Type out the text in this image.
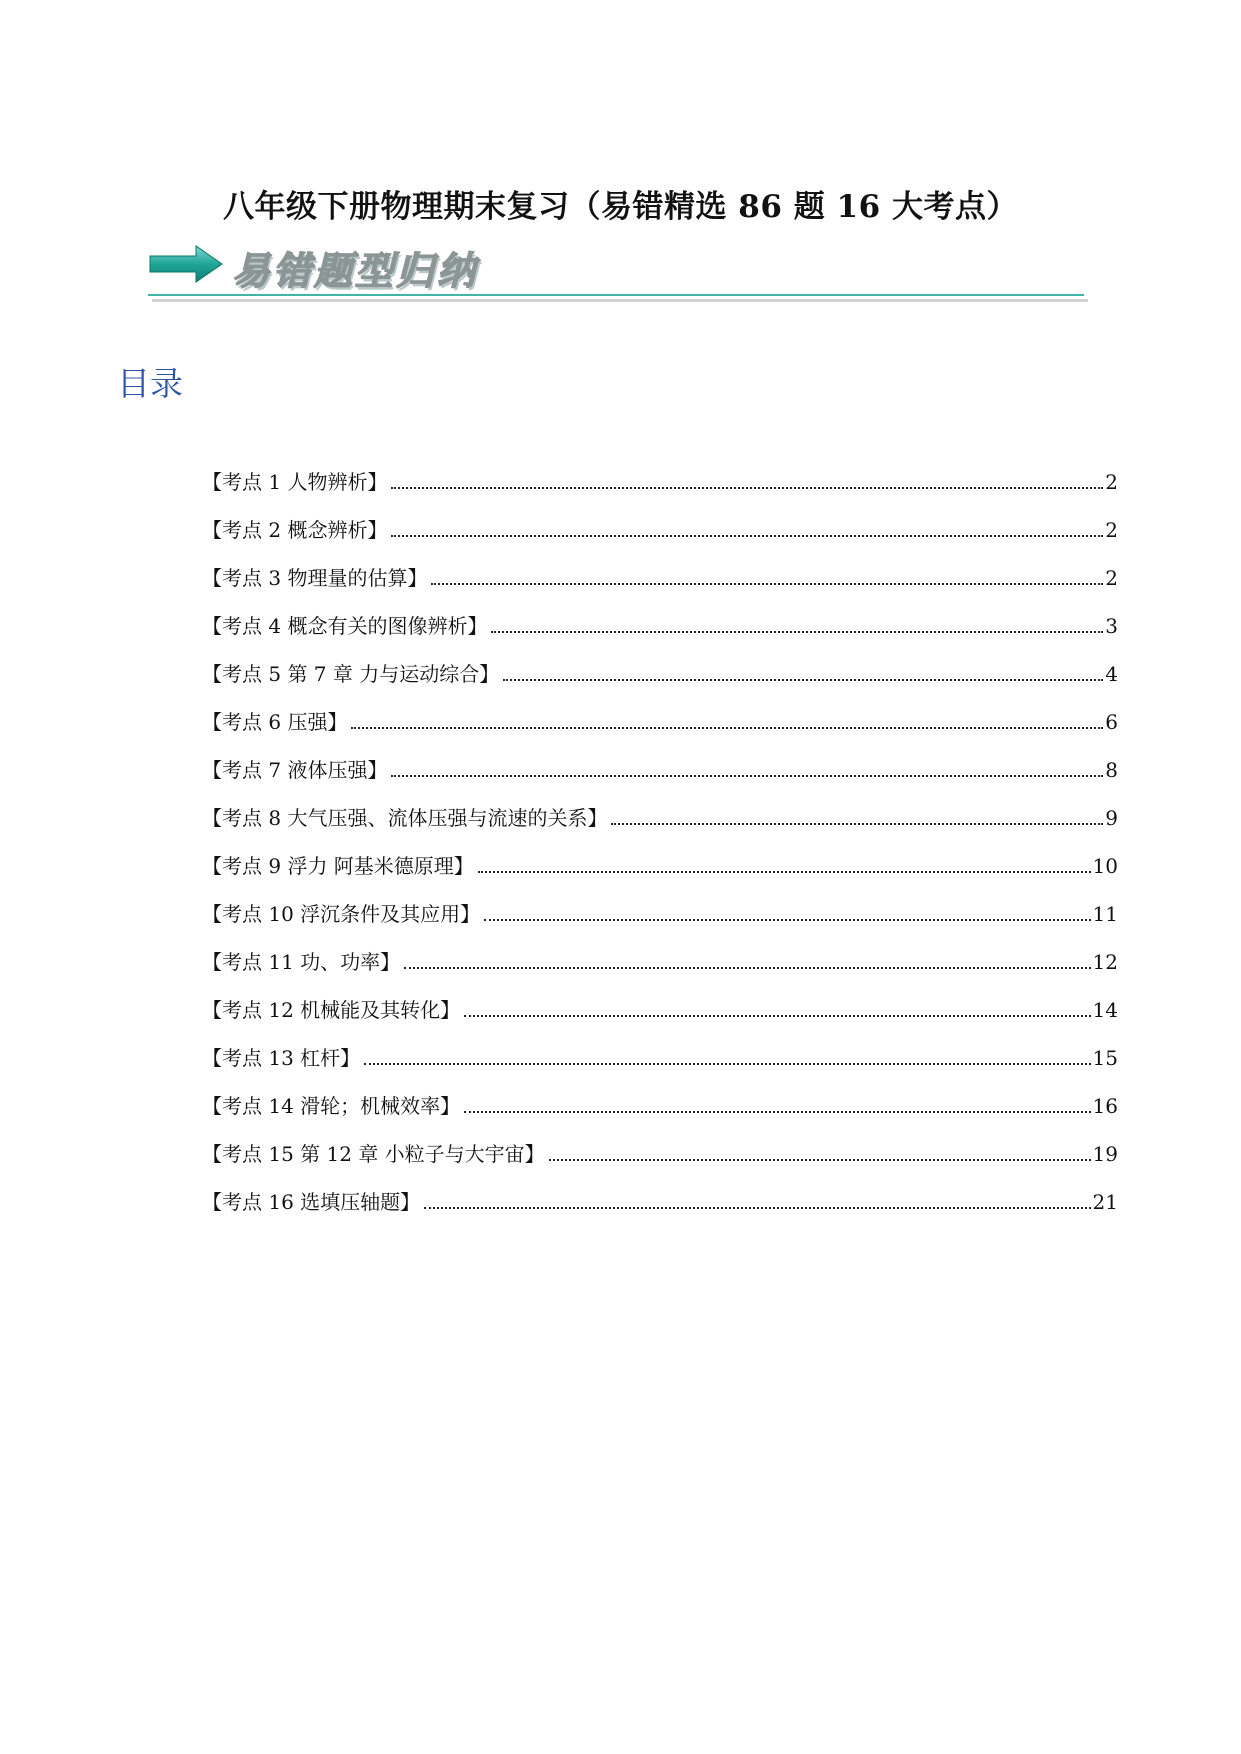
八年级下册物理期末复习（易错精选 86 题 16 大考点）
易错题型归纳
目录
【考点 1 人物辨析】	2
【考点 2 概念辨析】	2
【考点 3 物理量的估算】	2
【考点 4 概念有关的图像辨析】	3
【考点 5 第 7 章 力与运动综合】	4
【考点 6 压强】	6
【考点 7 液体压强】	8
【考点 8 大气压强、流体压强与流速的关系】	9
【考点 9 浮力 阿基米德原理】	10
【考点 10 浮沉条件及其应用】	11
【考点 11 功、功率】	12
【考点 12 机械能及其转化】	14
【考点 13 杠杆】	15
【考点 14 滑轮；机械效率】	16
【考点 15 第 12 章 小粒子与大宇宙】	19
【考点 16 选填压轴题】	21
